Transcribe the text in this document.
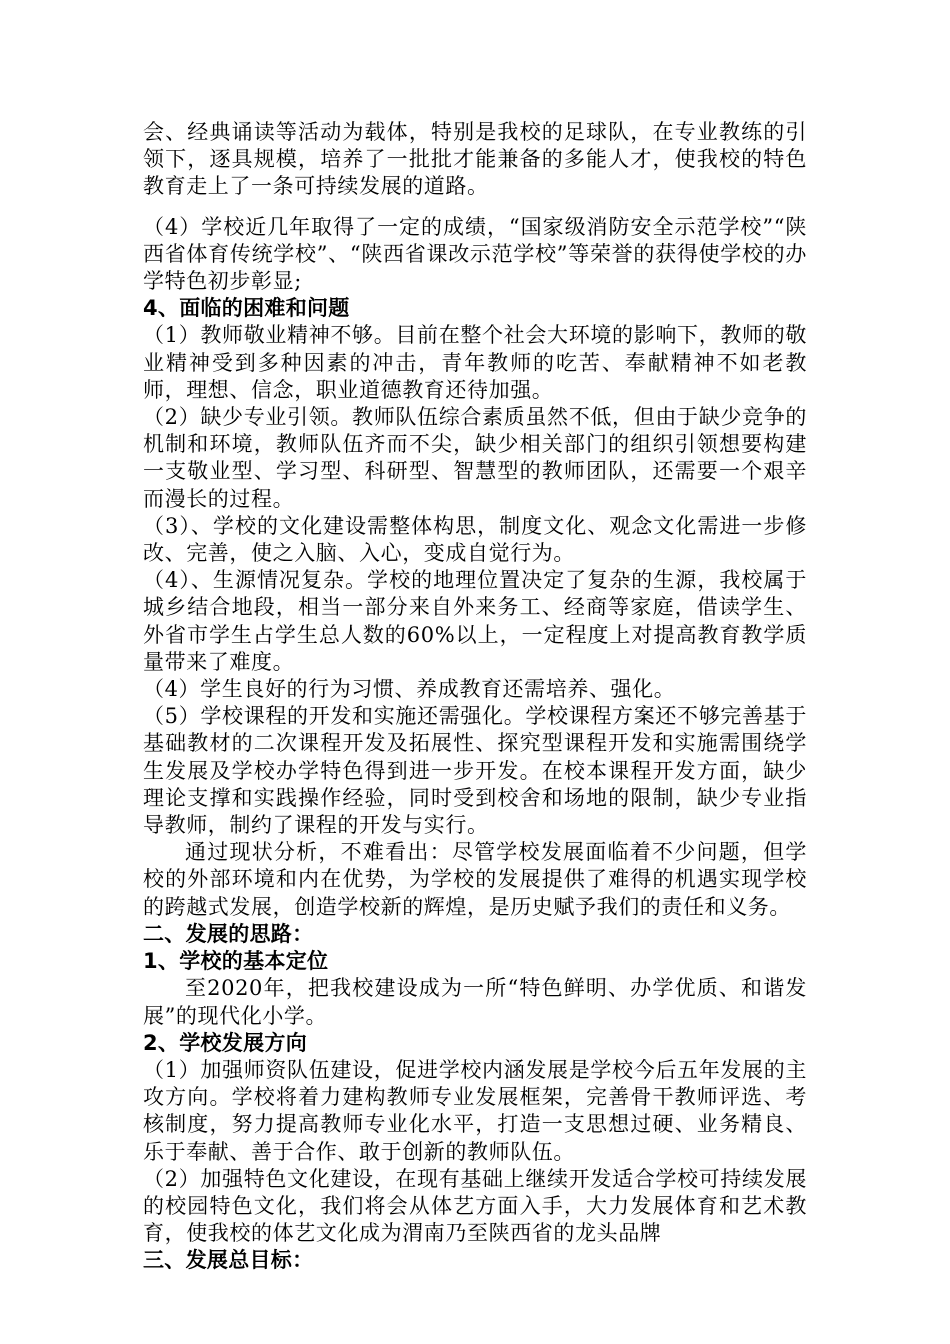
会、经典诵读等活动为载体，特别是我校的足球队，在专业教练的引领下，逐具规模，培养了一批批才能兼备的多能人才，使我校的特色教育走上了一条可持续发展的道路。

（4）学校近几年取得了一定的成绩，“国家级消防安全示范学校”“陕西省体育传统学校”、“陕西省课改示范学校”等荣誉的获得使学校的办学特色初步彰显;

4、面临的困难和问题

（1）教师敬业精神不够。目前在整个社会大环境的影响下，教师的敬业精神受到多种因素的冲击，青年教师的吃苦、奉献精神不如老教师，理想、信念，职业道德教育还待加强。

（2）缺少专业引领。教师队伍综合素质虽然不低，但由于缺少竞争的机制和环境，教师队伍齐而不尖，缺少相关部门的组织引领想要构建一支敬业型、学习型、科研型、智慧型的教师团队，还需要一个艰辛而漫长的过程。

（3）、学校的文化建设需整体构思，制度文化、观念文化需进一步修改、完善，使之入脑、入心，变成自觉行为。

（4）、生源情况复杂。学校的地理位置决定了复杂的生源，我校属于城乡结合地段，相当一部分来自外来务工、经商等家庭，借读学生、外省市学生占学生总人数的60%以上，一定程度上对提高教育教学质量带来了难度。

（4）学生良好的行为习惯、养成教育还需培养、强化。

（5）学校课程的开发和实施还需强化。学校课程方案还不够完善基于基础教材的二次课程开发及拓展性、探究型课程开发和实施需围绕学生发展及学校办学特色得到进一步开发。在校本课程开发方面，缺少理论支撑和实践操作经验，同时受到校舍和场地的限制，缺少专业指导教师，制约了课程的开发与实行。

通过现状分析，不难看出：尽管学校发展面临着不少问题，但学校的外部环境和内在优势，为学校的发展提供了难得的机遇实现学校的跨越式发展，创造学校新的辉煌，是历史赋予我们的责任和义务。

二、发展的思路：

1、学校的基本定位

至2020年，把我校建设成为一所“特色鲜明、办学优质、和谐发展”的现代化小学。

2、学校发展方向

（1）加强师资队伍建设，促进学校内涵发展是学校今后五年发展的主攻方向。学校将着力建构教师专业发展框架，完善骨干教师评选、考核制度，努力提高教师专业化水平，打造一支思想过硬、业务精良、乐于奉献、善于合作、敢于创新的教师队伍。

（2）加强特色文化建设，在现有基础上继续开发适合学校可持续发展的校园特色文化，我们将会从体艺方面入手，大力发展体育和艺术教育，使我校的体艺文化成为渭南乃至陕西省的龙头品牌

三、发展总目标：
